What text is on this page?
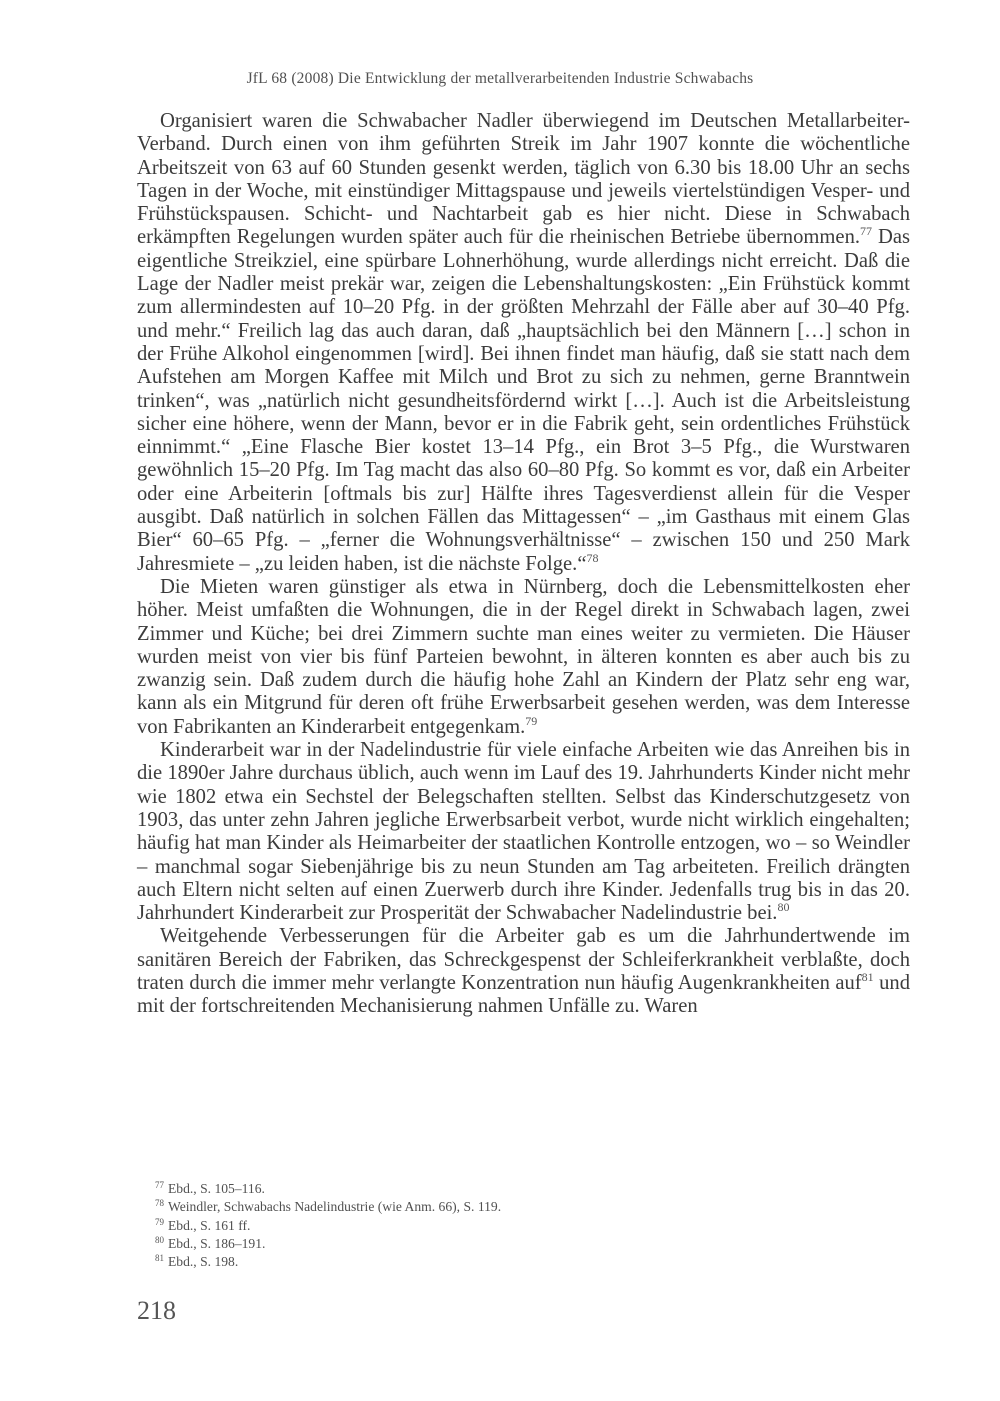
JfL 68 (2008) Die Entwicklung der metallverarbeitenden Industrie Schwabachs

Organisiert waren die Schwabacher Nadler überwiegend im Deutschen Metallarbeiter-Verband. Durch einen von ihm geführten Streik im Jahr 1907 konnte die wöchentliche Arbeitszeit von 63 auf 60 Stunden gesenkt werden, täglich von 6.30 bis 18.00 Uhr an sechs Tagen in der Woche, mit einstündiger Mittagspause und jeweils viertelstündigen Vesper- und Frühstückspausen. Schicht- und Nachtarbeit gab es hier nicht. Diese in Schwabach erkämpften Regelungen wurden später auch für die rheinischen Betriebe übernommen.$^{77}$ Das eigentliche Streikziel, eine spürbare Lohnerhöhung, wurde allerdings nicht erreicht. Daß die Lage der Nadler meist prekär war, zeigen die Lebenshaltungskosten: „Ein Frühstück kommt zum allermindesten auf 10–20 Pfg. in der größten Mehrzahl der Fälle aber auf 30–40 Pfg. und mehr.“ Freilich lag das auch daran, daß „hauptsächlich bei den Männern […] schon in der Frühe Alkohol eingenommen [wird]. Bei ihnen findet man häufig, daß sie statt nach dem Aufstehen am Morgen Kaffee mit Milch und Brot zu sich zu nehmen, gerne Branntwein trinken“, was „natürlich nicht gesundheitsfördernd wirkt […]. Auch ist die Arbeitsleistung sicher eine höhere, wenn der Mann, bevor er in die Fabrik geht, sein ordentliches Frühstück einnimmt.“ „Eine Flasche Bier kostet 13–14 Pfg., ein Brot 3–5 Pfg., die Wurstwaren gewöhnlich 15–20 Pfg. Im Tag macht das also 60–80 Pfg. So kommt es vor, daß ein Arbeiter oder eine Arbeiterin [oftmals bis zur] Hälfte ihres Tagesverdienst allein für die Vesper ausgibt. Daß natürlich in solchen Fällen das Mittagessen“ – „im Gasthaus mit einem Glas Bier“ 60–65 Pfg. – „ferner die Wohnungsverhältnisse“ – zwischen 150 und 250 Mark Jahresmiete – „zu leiden haben, ist die nächste Folge.“$^{78}$

Die Mieten waren günstiger als etwa in Nürnberg, doch die Lebensmittelkosten eher höher. Meist umfaßten die Wohnungen, die in der Regel direkt in Schwabach lagen, zwei Zimmer und Küche; bei drei Zimmern suchte man eines weiter zu vermieten. Die Häuser wurden meist von vier bis fünf Parteien bewohnt, in älteren konnten es aber auch bis zu zwanzig sein. Daß zudem durch die häufig hohe Zahl an Kindern der Platz sehr eng war, kann als ein Mitgrund für deren oft frühe Erwerbsarbeit gesehen werden, was dem Interesse von Fabrikanten an Kinderarbeit entgegenkam.$^{79}$

Kinderarbeit war in der Nadelindustrie für viele einfache Arbeiten wie das Anreihen bis in die 1890er Jahre durchaus üblich, auch wenn im Lauf des 19. Jahrhunderts Kinder nicht mehr wie 1802 etwa ein Sechstel der Belegschaften stellten. Selbst das Kinderschutzgesetz von 1903, das unter zehn Jahren jegliche Erwerbsarbeit verbot, wurde nicht wirklich eingehalten; häufig hat man Kinder als Heimarbeiter der staatlichen Kontrolle entzogen, wo – so Weindler – manchmal sogar Siebenjährige bis zu neun Stunden am Tag arbeiteten. Freilich drängten auch Eltern nicht selten auf einen Zuerwerb durch ihre Kinder. Jedenfalls trug bis in das 20. Jahrhundert Kinderarbeit zur Prosperität der Schwabacher Nadelindustrie bei.$^{80}$

Weitgehende Verbesserungen für die Arbeiter gab es um die Jahrhundertwende im sanitären Bereich der Fabriken, das Schreckgespenst der Schleiferkrankheit verblaßte, doch traten durch die immer mehr verlangte Konzentration nun häufig Augenkrankheiten auf$^{81}$ und mit der fortschreitenden Mechanisierung nahmen Unfälle zu. Waren

$^{77}$ Ebd., S. 105–116.
$^{78}$ Weindler, Schwabachs Nadelindustrie (wie Anm. 66), S. 119.
$^{79}$ Ebd., S. 161 ff.
$^{80}$ Ebd., S. 186–191.
$^{81}$ Ebd., S. 198.
218
